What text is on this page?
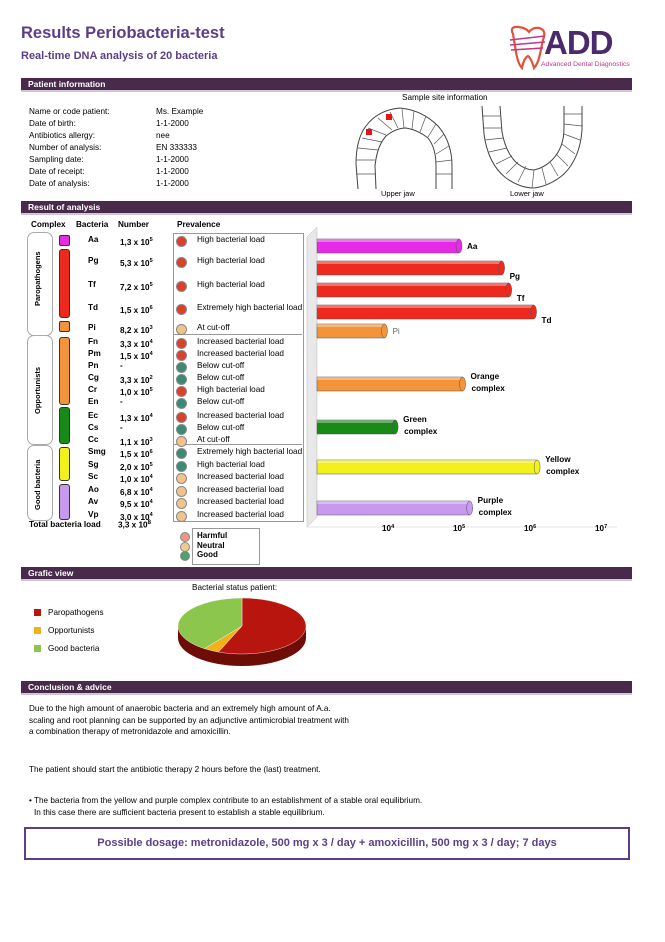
Results Periobacteria-test
Real-time DNA analysis of 20 bacteria	ADD
Advanced Dental Diagnostics
Patient information
Name or code patient:	Ms. Example
Date of birth:	1-1-2000
Antibiotics allergy:	nee
Number of analysis:	EN 333333
Sampling date:	1-1-2000
Date of receipt:	1-1-2000
Date of analysis:	1-1-2000
Sample site information
Upper jaw	Lower jaw
Result of analysis
Complex Bacteria Number	Prevalence
Paropathogens
Opportunists
Good bacteria
Aa	1,3 x $10^5$	High bacterial load
Pg	5,3 x $10^5$	High bacterial load
Tf	7,2 x $10^5$	High bacterial load
Td	1,5 x $10^6$	Extremely high bacterial load
Pi	8,2 x $10^3$	At cut-off
Fn	3,3 x $10^4$	Increased bacterial load
Pm 1,5 x $10^4$	Increased bacterial load
Pn	-	Below cut-off
Cg	3,3 x $10^2$	Below cut-off
Cr	1,0 x $10^5$	High bacterial load
En	-	Below cut-off
Ec	1,3 x $10^4$	Increased bacterial load
Cs	-	Below cut-off
Cc	1,1 x $10^3$	At cut-off
Smg 1,5 x $10^6$	Extremely high bacterial load
Sg	2,0 x $10^5$	High bacterial load
Sc	1,0 x $10^4$	Increased bacterial load
Ao	6,8 x $10^4$	Increased bacterial load
Av	9,5 x $10^4$	Increased bacterial load
Vp	3,0 x $10^4$	Increased bacterial load
Total bacteria load 3,3 x $10^8$
Harmful
Neutral
Good
$10^4$	$10^5$	$10^6$	$10^7$
Aa
Pg
Tf
Td
Pi
Orange
complex
Green
complex
Yellow
complex
Purple
complex
Grafic view
Bacterial status patient:
Paropathogens
Opportunists
Good bacteria
Conclusion & advice
Due to the high amount of anaerobic bacteria and an extremely high amount of A.a.
scaling and root planning can be supported by an adjunctive antimicrobial treatment with
a combination therapy of metronidazole and amoxicillin.
The patient should start the antibiotic therapy 2 hours before the (last) treatment.
• The bacteria from the yellow and purple complex contribute to an establishment of a stable oral equilibrium.
In this case there are sufficient bacteria present to establish a stable equilibrium.
Possible dosage: metronidazole, 500 mg x 3 / day + amoxicillin, 500 mg x 3 / day; 7 days
